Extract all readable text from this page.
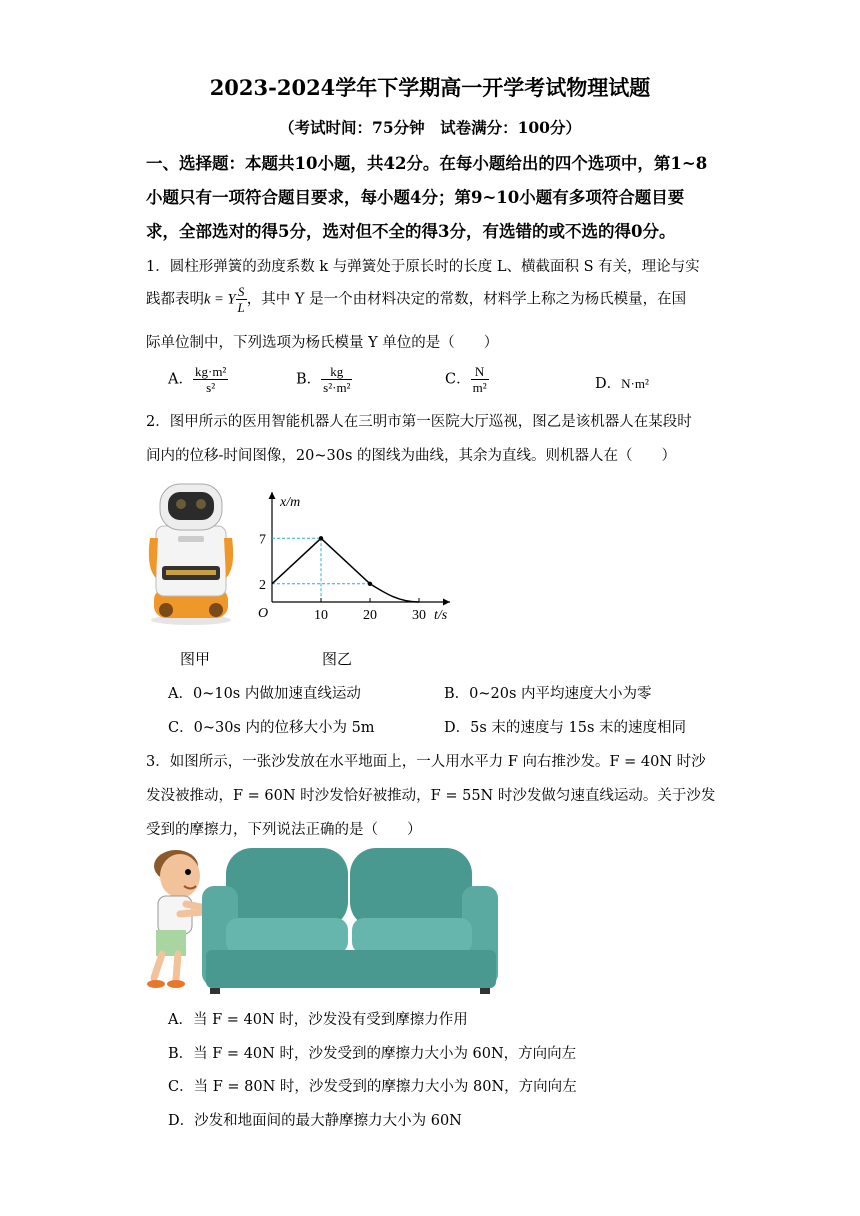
2023-2024学年下学期高一开学考试物理试题
（考试时间：75分钟　试卷满分：100分）
一、选择题：本题共10小题，共42分。在每小题给出的四个选项中，第1~8
小题只有一项符合题目要求，每小题4分；第9~10小题有多项符合题目要
求，全部选对的得5分，选对但不全的得3分，有选错的或不选的得0分。
1．圆柱形弹簧的劲度系数 k 与弹簧处于原长时的长度 L、横截面积 S 有关，理论与实
践都表明k = Y $\frac{S}{L}$ ，其中 Y 是一个由材料决定的常数，材料学上称之为杨氏模量，在国
际单位制中，下列选项为杨氏模量 Y 单位的是（　　）
A． $\frac{\text{kg·m²}}{\text{s²}}$	B． $\frac{kg}{\text{s²·m²}}$	C． $\frac{N}{\text{m²}}$	D．N·m²
2．图甲所示的医用智能机器人在三明市第一医院大厅巡视，图乙是该机器人在某段时
间内的位移-时间图像，20~30s 的图线为曲线，其余为直线。则机器人在（　　）
10	20	30
2
7
x/m
t/s
O
图甲	图乙
A．0~10s 内做加速直线运动	B．0~20s 内平均速度大小为零
C．0~30s 内的位移大小为 5m	D．5s 末的速度与 15s 末的速度相同
3．如图所示，一张沙发放在水平地面上，一人用水平力 F 向右推沙发。F = 40N 时沙
发没被推动，F = 60N 时沙发恰好被推动，F = 55N 时沙发做匀速直线运动。关于沙发
受到的摩擦力，下列说法正确的是（　　）
A．当 F = 40N 时，沙发没有受到摩擦力作用
B．当 F = 40N 时，沙发受到的摩擦力大小为 60N，方向向左
C．当 F = 80N 时，沙发受到的摩擦力大小为 80N，方向向左
D．沙发和地面间的最大静摩擦力大小为 60N
